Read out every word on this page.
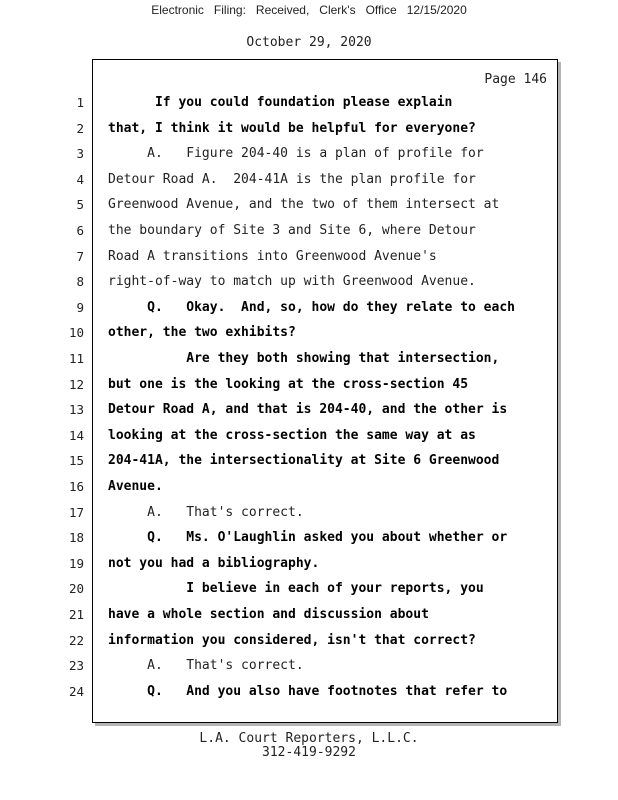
Electronic Filing: Received, Clerk's Office 12/15/2020
October 29, 2020
Page 146
1 If you could foundation please explain
2 that, I think it would be helpful for everyone?
3 A.   Figure 204-40 is a plan of profile for
4 Detour Road A.  204-41A is the plan profile for
5 Greenwood Avenue, and the two of them intersect at
6 the boundary of Site 3 and Site 6, where Detour
7 Road A transitions into Greenwood Avenue's
8 right-of-way to match up with Greenwood Avenue.
9 Q.   Okay.  And, so, how do they relate to each
10 other, the two exhibits?
11 Are they both showing that intersection,
12 but one is the looking at the cross-section 45
13 Detour Road A, and that is 204-40, and the other is
14 looking at the cross-section the same way at as
15 204-41A, the intersectionality at Site 6 Greenwood
16 Avenue.
17 A.   That's correct.
18 Q.   Ms. O'Laughlin asked you about whether or
19 not you had a bibliography.
20 I believe in each of your reports, you
21 have a whole section and discussion about
22 information you considered, isn't that correct?
23 A.   That's correct.
24 Q.   And you also have footnotes that refer to
L.A. Court Reporters, L.L.C.
312-419-9292
